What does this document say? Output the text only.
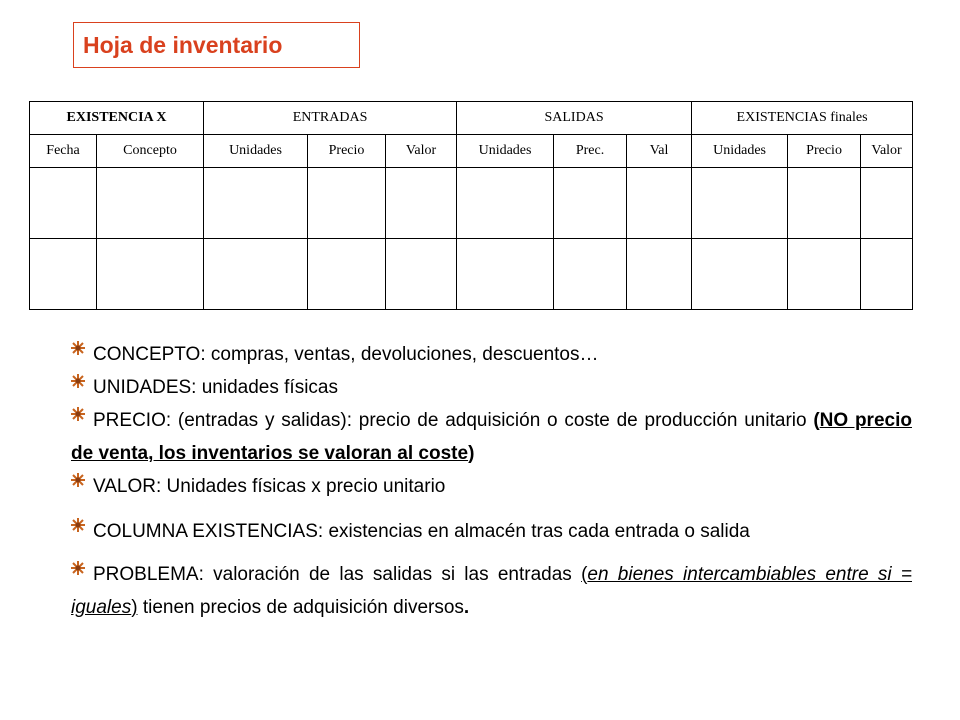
Hoja de inventario
EXISTENCIA X		ENTRADAS			SALIDAS			EXISTENCIAS finales		
Fecha	Concepto	Unidades	Precio	Valor	Unidades	Prec.	Val	Unidades	Precio	Valor

CONCEPTO: compras, ventas, devoluciones, descuentos…

UNIDADES: unidades físicas

PRECIO: (entradas y salidas): precio de adquisición o coste de producción unitario (NO precio de venta, los inventarios se valoran al coste)

VALOR: Unidades físicas x precio unitario

COLUMNA EXISTENCIAS: existencias en almacén tras cada entrada o salida

PROBLEMA: valoración de las salidas si las entradas (en bienes intercambiables entre si = iguales) tienen precios de adquisición diversos.
